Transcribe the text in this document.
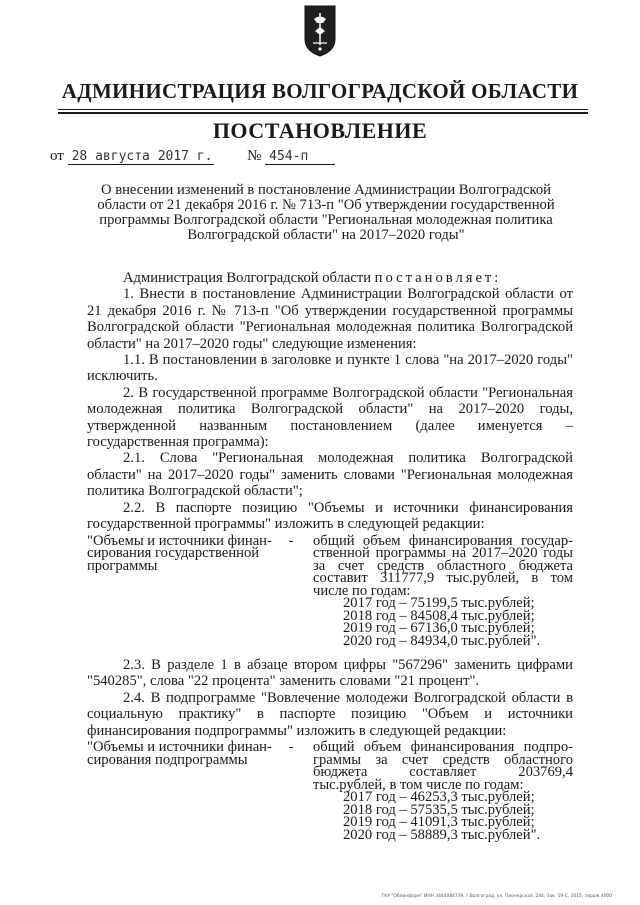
АДМИНИСТРАЦИЯ ВОЛГОГРАДСКОЙ ОБЛАСТИ
ПОСТАНОВЛЕНИЕ
от 28 августа 2017 г. № 454-п
О внесении изменений в постановление Администрации Волгоградской области от 21 декабря 2016 г. № 713-п "Об утверждении государственной программы Волгоградской области "Региональная молодежная политика Волгоградской области" на 2017–2020 годы"

Администрация Волгоградской области постановляет:

1. Внести в постановление Администрации Волгоградской области от 21 декабря 2016 г. № 713-п "Об утверждении государственной программы Волгоградской области "Региональная молодежная политика Волгоградской области" на 2017–2020 годы" следующие изменения:

1.1. В постановлении в заголовке и пункте 1 слова "на 2017–2020 годы" исключить.

2. В государственной программе Волгоградской области "Региональная молодежная политика Волгоградской области" на 2017–2020 годы, утвержденной названным постановлением (далее именуется – государственная программа):

2.1. Слова "Региональная молодежная политика Волгоградской области" на 2017–2020 годы" заменить словами "Региональная молодежная политика Волгоградской области";

2.2. В паспорте позицию "Объемы и источники финансирования государственной программы" изложить в следующей редакции:

"Объемы и источники финан-сирования государственной программы
-	общий объем финансирования государ-ственной программы на 2017–2020 годы за счет средств областного бюджета составит 311777,9 тыс.рублей, в том числе по годам:
2017 год – 75199,5 тыс.рублей;
2018 год – 84508,4 тыс.рублей;
2019 год – 67136,0 тыс.рублей;
2020 год – 84934,0 тыс.рублей".

2.3. В разделе 1 в абзаце втором цифры "567296" заменить цифрами "540285", слова "22 процента" заменить словами "21 процент".

2.4. В подпрограмме "Вовлечение молодежи Волгоградской области в социальную практику" в паспорте позицию "Объем и источники финансирования подпрограммы" изложить в следующей редакции:

"Объемы и источники финан-сирования подпрограммы
-	общий объем финансирования подпро-граммы за счет средств областного бюджета составляет 203769,4 тыс.рублей, в том числе по годам:
2017 год – 46253,3 тыс.рублей;
2018 год – 57535,5 тыс.рублей;
2019 год – 41091,3 тыс.рублей;
2020 год – 58889,3 тыс.рублей".
ГКУ "Облинформ" ИНН 3444084739, г.Волгоград, ул. Пионерская, 244, Зак. 19-С, 2015, тираж 4000
